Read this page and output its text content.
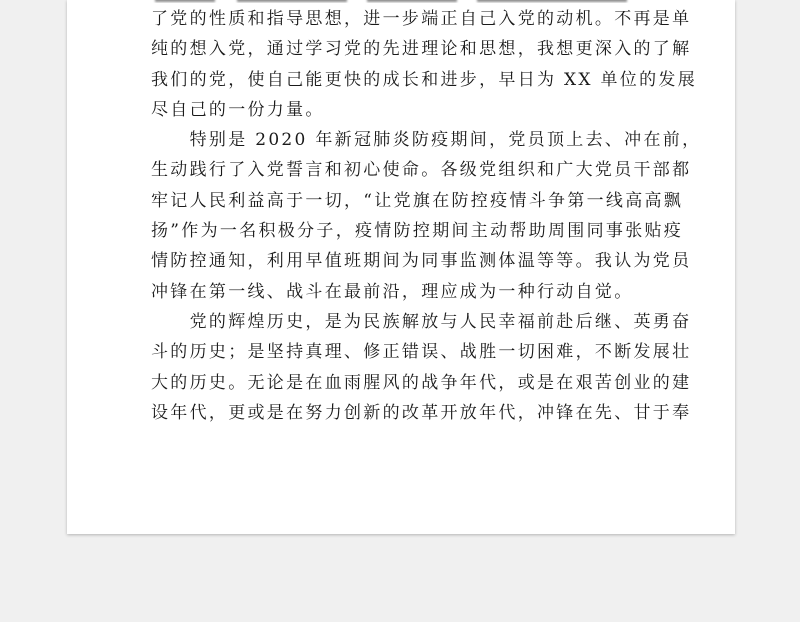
了党的性质和指导思想，进一步端正自己入党的动机。不再是单

纯的想入党，通过学习党的先进理论和思想，我想更深入的了解

我们的党，使自己能更快的成长和进步，早日为 XX 单位的发展

尽自己的一份力量。

　　特别是 2020 年新冠肺炎防疫期间，党员顶上去、冲在前，

生动践行了入党誓言和初心使命。各级党组织和广大党员干部都

牢记人民利益高于一切，“让党旗在防控疫情斗争第一线高高飘

扬”作为一名积极分子，疫情防控期间主动帮助周围同事张贴疫

情防控通知，利用早值班期间为同事监测体温等等。我认为党员

冲锋在第一线、战斗在最前沿，理应成为一种行动自觉。

　　党的辉煌历史，是为民族解放与人民幸福前赴后继、英勇奋

斗的历史；是坚持真理、修正错误、战胜一切困难，不断发展壮

大的历史。无论是在血雨腥风的战争年代，或是在艰苦创业的建

设年代，更或是在努力创新的改革开放年代，冲锋在先、甘于奉
